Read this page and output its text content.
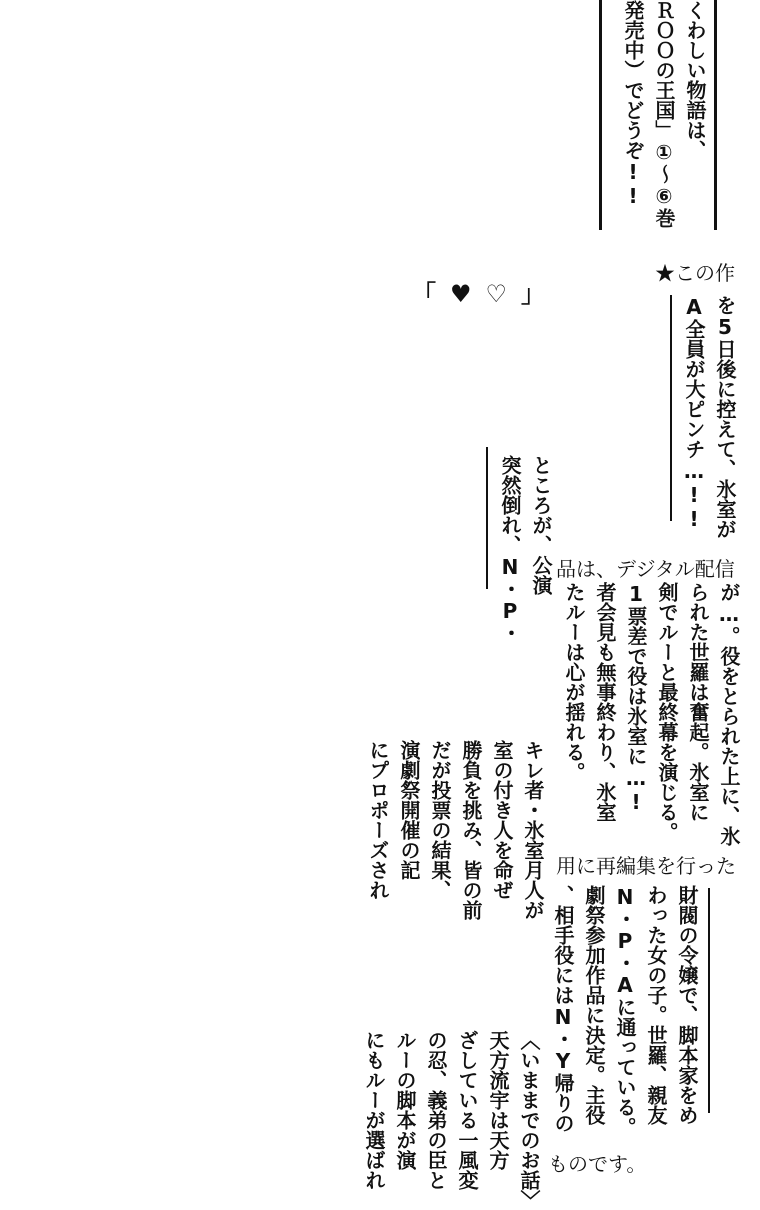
くわしい物語は、
ＲＯＯの王国」①〜⑥巻
発売中）でどうぞ!!
「♥︎♡」
を5日後に控えて、氷室が
A全員が大ピンチ…!!
ところが、公演
突然倒れ、N・P・
が…。役をとられた上に、氷
られた世羅は奮起。氷室に
剣でルーと最終幕を演じる。
1票差で役は氷室に…!
者会見も無事終わり、氷室
たルーは心が揺れる。
キレ者・氷室月人が
室の付き人を命ぜ
勝負を挑み、皆の前
だが投票の結果、
演劇祭開催の記
にプロポーズされ
財閥の令嬢で、脚本家をめ
わった女の子。世羅、親友
N・P・Aに通っている。
劇祭参加作品に決定。主役
、相手役にはN・Y帰りの
〈いままでのお話〉
天方流宇は天方
ざしている一風変
の忍、義弟の臣と
ルーの脚本が演
にもルーが選ばれ
★この作
品は、デジタル配信
用に再編集を行った
ものです。
